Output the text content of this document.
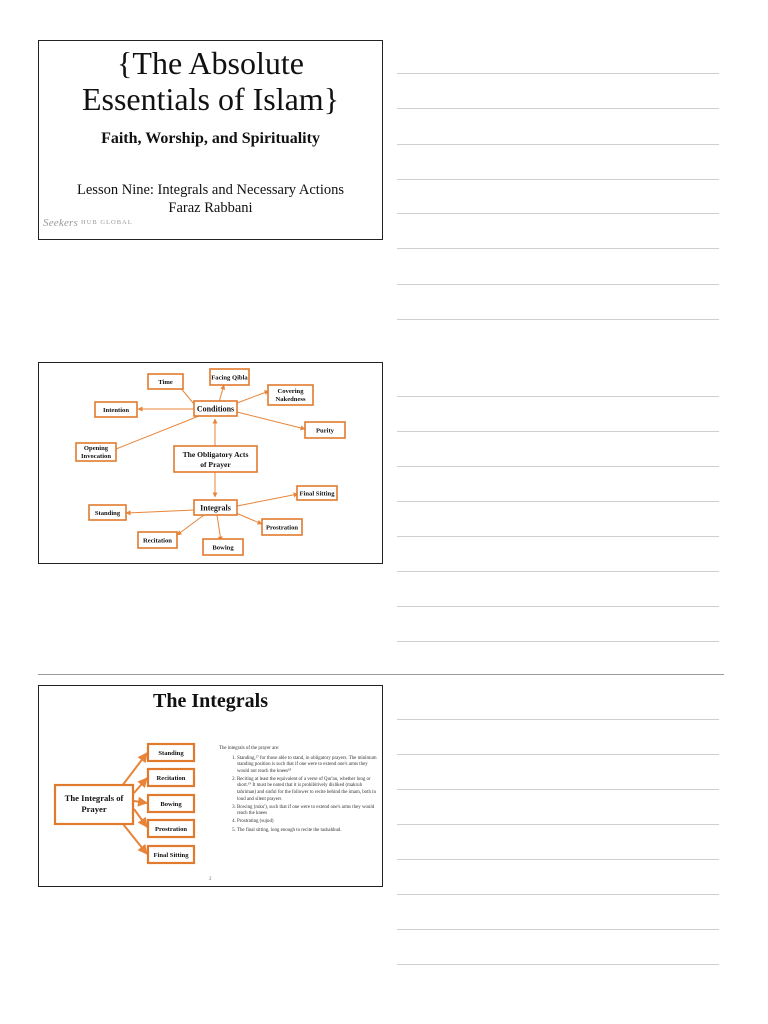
{The Absolute
Essentials of Islam}
Faith, Worship, and Spirituality
Lesson Nine: Integrals and Necessary Actions
Faraz Rabbani
Seekers HUB GLOBAL
The Obligatory Acts
of Prayer
Conditions
Integrals
Time
Facing Qibla
Covering
Nakedness
Intention
Purity
Opening
Invocation
Final Sitting
Standing
Prostration
Recitation
Bowing
The Integrals
The Integrals of
Prayer
Standing
Recitation
Bowing
Prostration
Final Sitting
The integrals of the prayer are:
1. Standing,¹⁷ for those able to stand, in obligatory prayers. The minimum standing position is such that if one were to extend one's arms they would not reach the knees¹⁸
2. Reciting at least the equivalent of a verse of Qur'an, whether long or short.¹⁹ It must be noted that it is prohibitively disliked (makruh tahriman) and sinful for the follower to recite behind the imam, both in loud and silent prayers
3. Bowing (ruku'), such that if one were to extend one's arms they would reach the knees
4. Prostrating (sujud)
5. The final sitting, long enough to recite the tashahhud.
2
